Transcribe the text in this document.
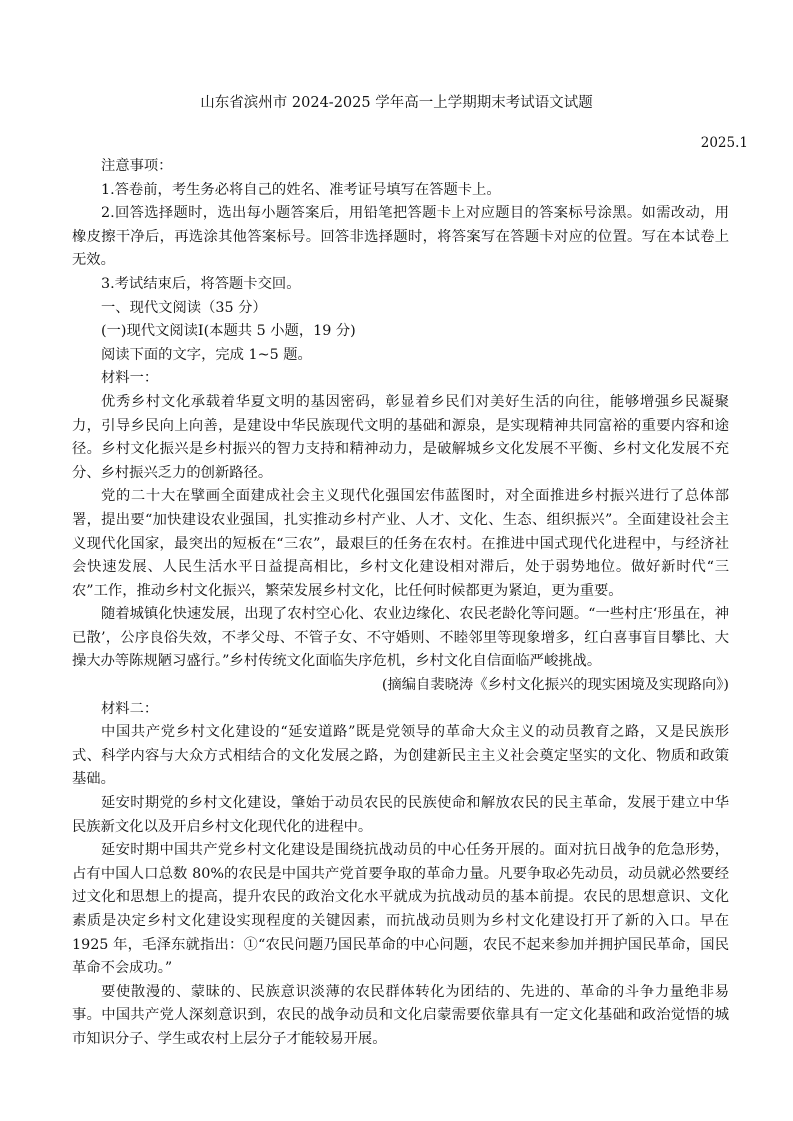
山东省滨州市 2024-2025 学年高一上学期期末考试语文试题
2025.1

注意事项：

1.答卷前，考生务必将自己的姓名、准考证号填写在答题卡上。

2.回答选择题时，选出每小题答案后，用铅笔把答题卡上对应题目的答案标号涂黑。如需改动，用橡皮擦干净后，再选涂其他答案标号。回答非选择题时，将答案写在答题卡对应的位置。写在本试卷上无效。

3.考试结束后，将答题卡交回。

一、现代文阅读（35 分）

(一)现代文阅读Ⅰ(本题共 5 小题，19 分)

阅读下面的文字，完成 1~5 题。

材料一：

优秀乡村文化承载着华夏文明的基因密码，彰显着乡民们对美好生活的向往，能够增强乡民凝聚力，引导乡民向上向善，是建设中华民族现代文明的基础和源泉，是实现精神共同富裕的重要内容和途径。乡村文化振兴是乡村振兴的智力支持和精神动力，是破解城乡文化发展不平衡、乡村文化发展不充分、乡村振兴乏力的创新路径。

党的二十大在擘画全面建成社会主义现代化强国宏伟蓝图时，对全面推进乡村振兴进行了总体部署，提出要“加快建设农业强国，扎实推动乡村产业、人才、文化、生态、组织振兴”。全面建设社会主义现代化国家，最突出的短板在“三农”，最艰巨的任务在农村。在推进中国式现代化进程中，与经济社会快速发展、人民生活水平日益提高相比，乡村文化建设相对滞后，处于弱势地位。做好新时代“三农”工作，推动乡村文化振兴，繁荣发展乡村文化，比任何时候都更为紧迫，更为重要。

随着城镇化快速发展，出现了农村空心化、农业边缘化、农民老龄化等问题。“一些村庄‘形虽在，神已散’，公序良俗失效，不孝父母、不管子女、不守婚则、不睦邻里等现象增多，红白喜事盲目攀比、大操大办等陈规陋习盛行。”乡村传统文化面临失序危机，乡村文化自信面临严峻挑战。

(摘编自裴晓涛《乡村文化振兴的现实困境及实现路向》)

材料二：

中国共产党乡村文化建设的“延安道路”既是党领导的革命大众主义的动员教育之路，又是民族形式、科学内容与大众方式相结合的文化发展之路，为创建新民主主义社会奠定坚实的文化、物质和政策基础。

延安时期党的乡村文化建设，肇始于动员农民的民族使命和解放农民的民主革命，发展于建立中华民族新文化以及开启乡村文化现代化的进程中。

延安时期中国共产党乡村文化建设是围绕抗战动员的中心任务开展的。面对抗日战争的危急形势，占有中国人口总数 80%的农民是中国共产党首要争取的革命力量。凡要争取必先动员，动员就必然要经过文化和思想上的提高，提升农民的政治文化水平就成为抗战动员的基本前提。农民的思想意识、文化素质是决定乡村文化建设实现程度的关键因素，而抗战动员则为乡村文化建设打开了新的入口。早在 1925 年，毛泽东就指出：①“农民问题乃国民革命的中心问题，农民不起来参加并拥护国民革命，国民革命不会成功。”

要使散漫的、蒙昧的、民族意识淡薄的农民群体转化为团结的、先进的、革命的斗争力量绝非易事。中国共产党人深刻意识到，农民的战争动员和文化启蒙需要依靠具有一定文化基础和政治觉悟的城市知识分子、学生或农村上层分子才能较易开展。
